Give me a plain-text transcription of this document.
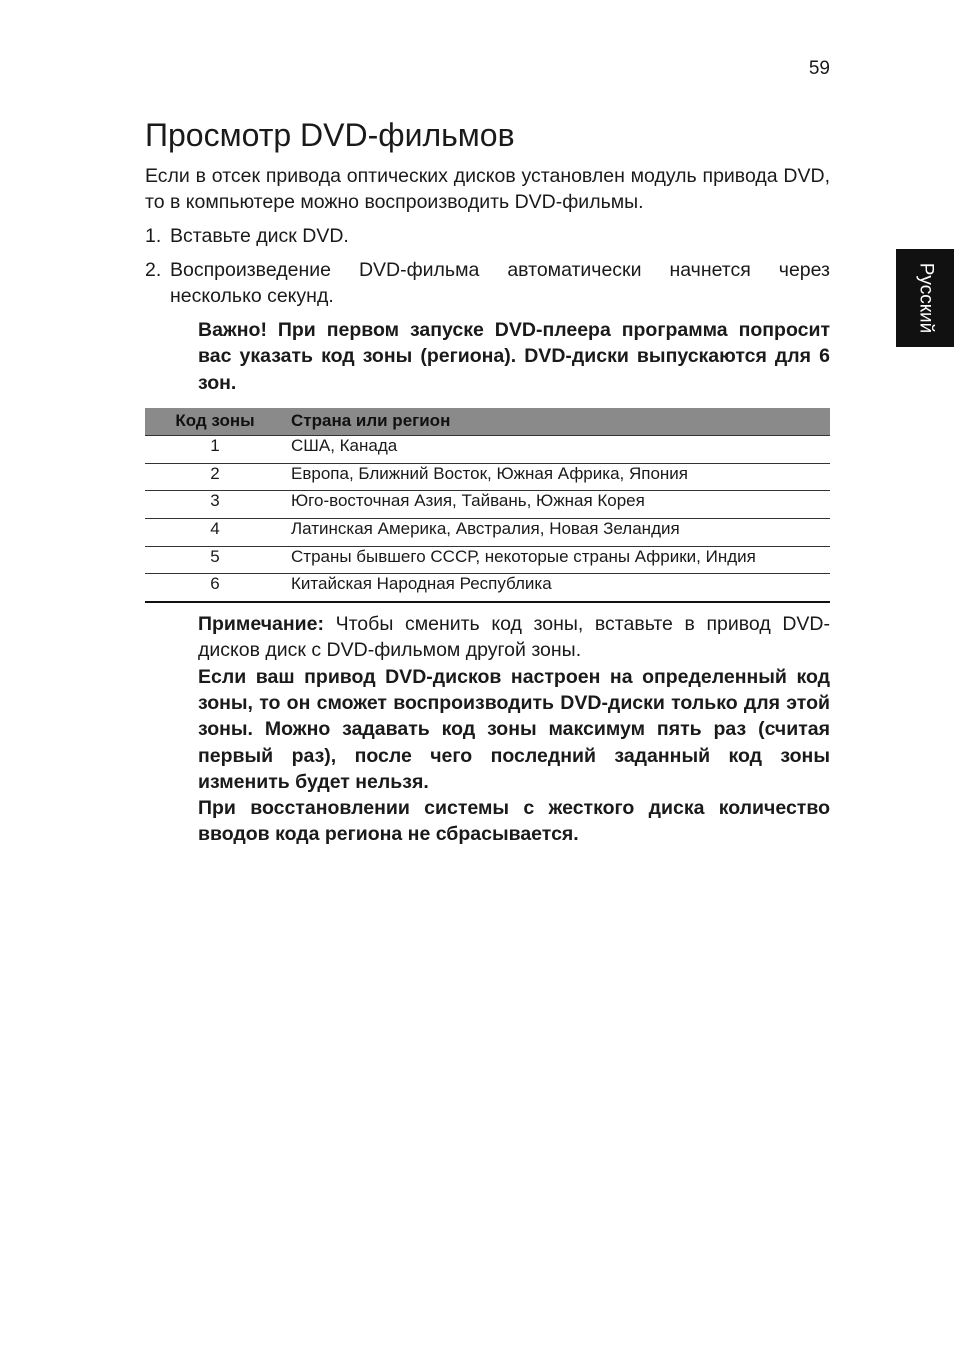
59
Русский
Просмотр DVD-фильмов

Если в отсек привода оптических дисков установлен модуль привода DVD, то в компьютере можно воспроизводить DVD-фильмы.

1. Вставьте диск DVD.
2. Воспроизведение DVD-фильма автоматически начнется через несколько секунд.

Важно! При первом запуске DVD-плеера программа попросит вас указать код зоны (региона). DVD-диски выпускаются для 6 зон.

Код зоны	Страна или регион
1	США, Канада
2	Европа, Ближний Восток, Южная Африка, Япония
3	Юго-восточная Азия, Тайвань, Южная Корея
4	Латинская Америка, Австралия, Новая Зеландия
5	Страны бывшего СССР, некоторые страны Африки, Индия
6	Китайская Народная Республика

Примечание: Чтобы сменить код зоны, вставьте в привод DVD-дисков диск с DVD-фильмом другой зоны.

Если ваш привод DVD-дисков настроен на определенный код зоны, то он сможет воспроизводить DVD-диски только для этой зоны. Можно задавать код зоны максимум пять раз (считая первый раз), после чего последний заданный код зоны изменить будет нельзя.

При восстановлении системы с жесткого диска количество вводов кода региона не сбрасывается.
